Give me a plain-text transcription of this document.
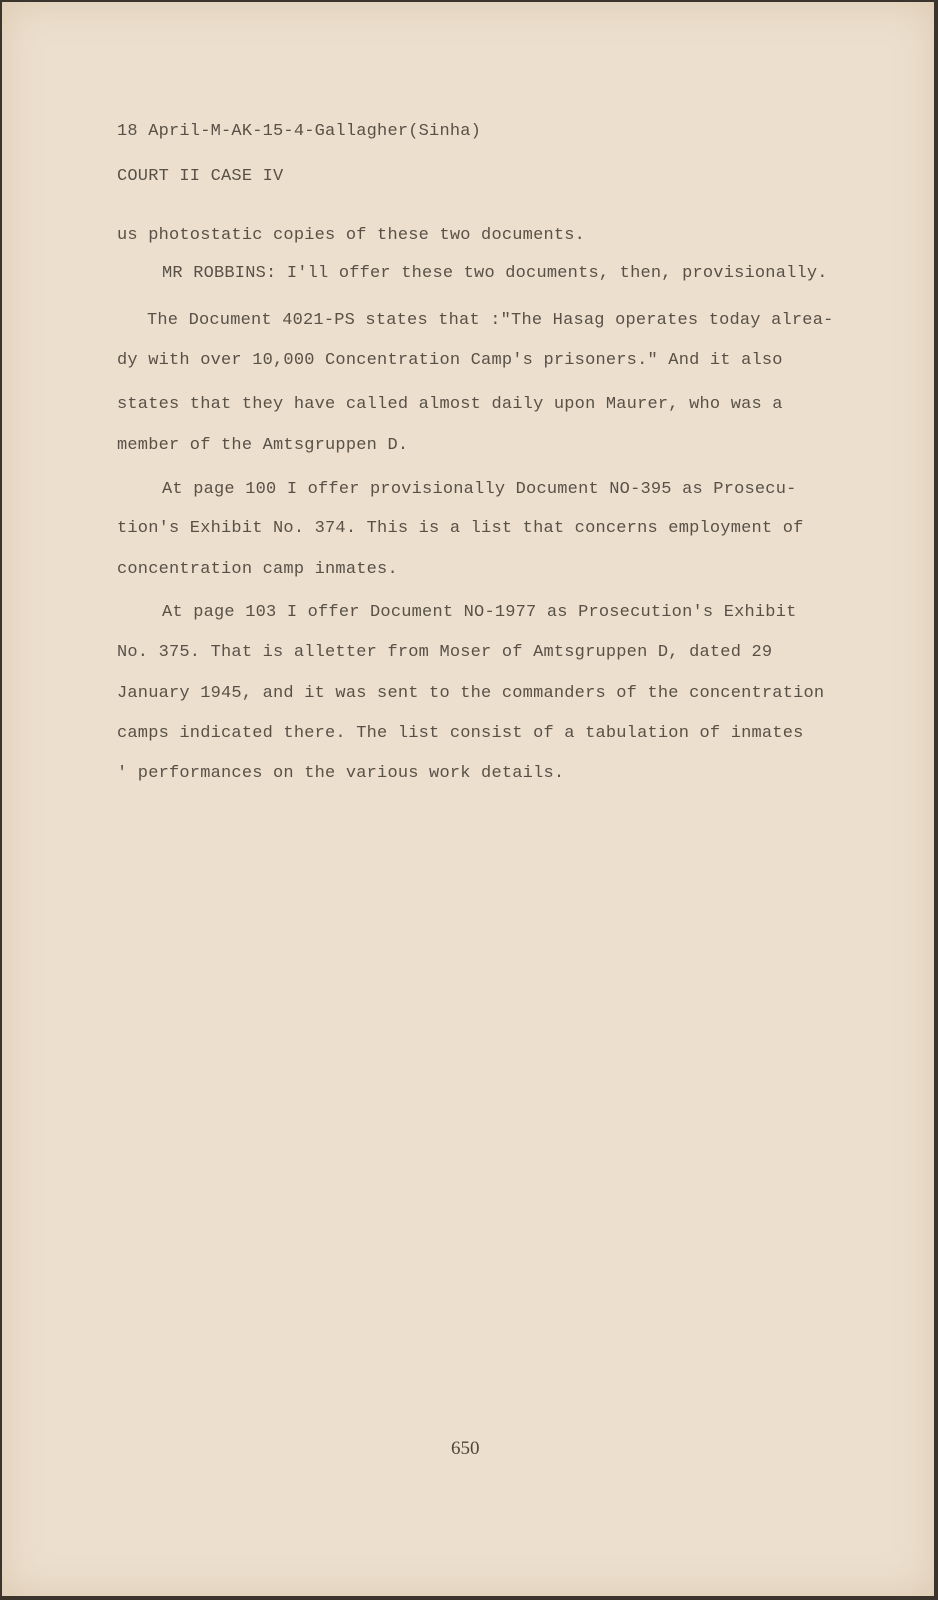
18 April-M-AK-15-4-Gallagher(Sinha)
COURT II CASE IV
us photostatic copies of these two documents.
MR ROBBINS: I'll offer these two documents, then, provisionally.
The Document 4021-PS states that :"The Hasag operates today alrea-
dy with over 10,000 Concentration Camp's prisoners." And it also
states that they have called almost daily upon Maurer, who was a
member of the Amtsgruppen D.
At page 100 I offer provisionally Document NO-395 as Prosecu-
tion's Exhibit No. 374. This is a list that concerns employment of
concentration camp inmates.
At page 103 I offer Document NO-1977 as Prosecution's Exhibit
No. 375. That is alletter from Moser of Amtsgruppen D, dated 29
January 1945, and it was sent to the commanders of the concentration
camps indicated there. The list consist of a tabulation of inmates
' performances on the various work details.
650
